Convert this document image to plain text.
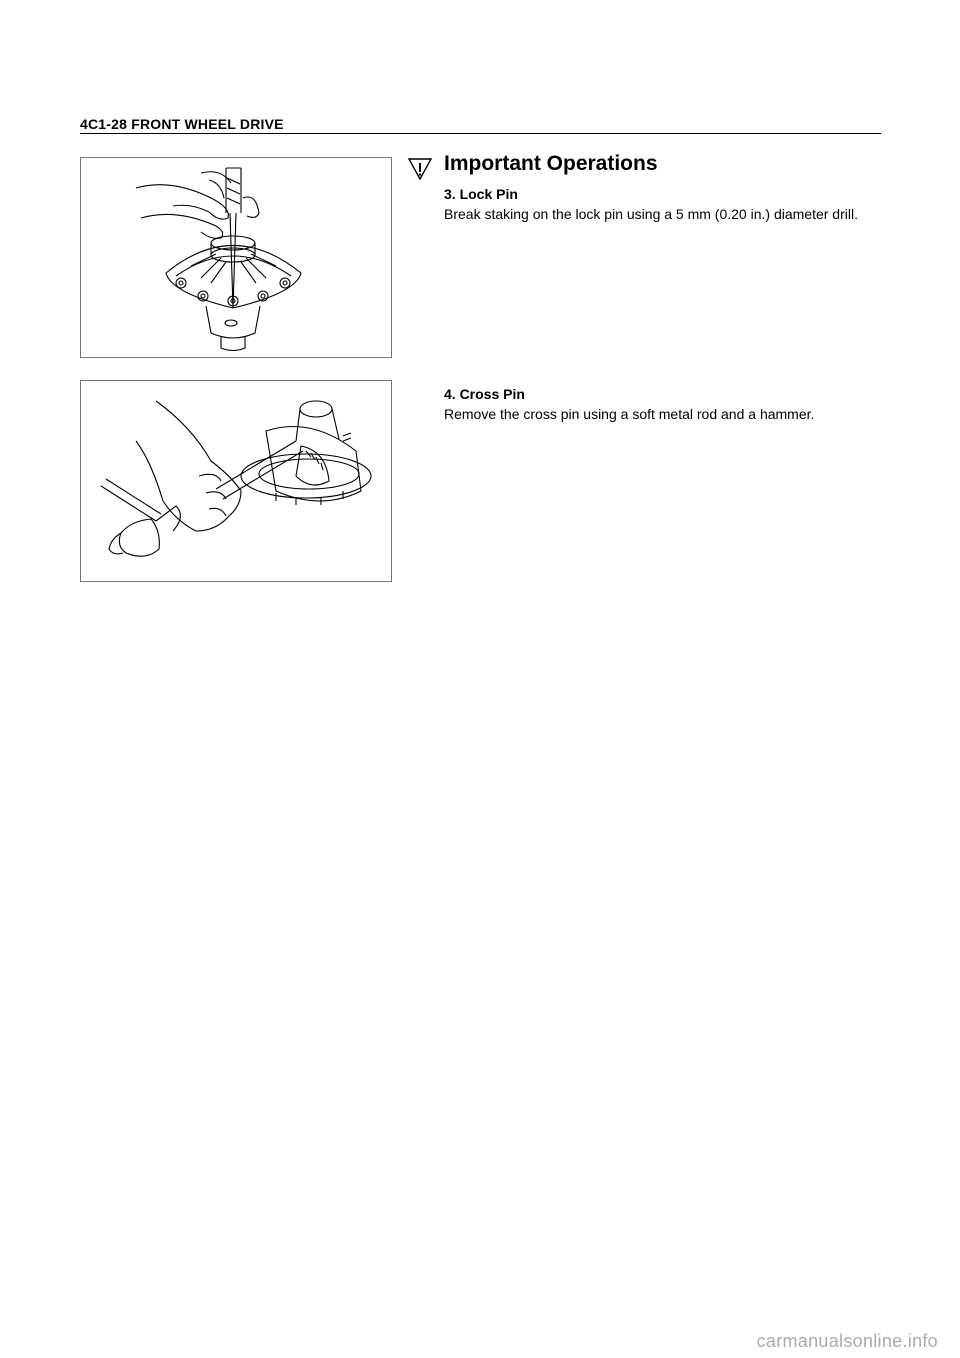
4C1-28 FRONT WHEEL DRIVE
Important Operations
3. Lock Pin
Break staking on the lock pin using a 5 mm (0.20 in.) diameter drill.
4. Cross Pin
Remove the cross pin using a soft metal rod and a hammer.
carmanualsonline.info
